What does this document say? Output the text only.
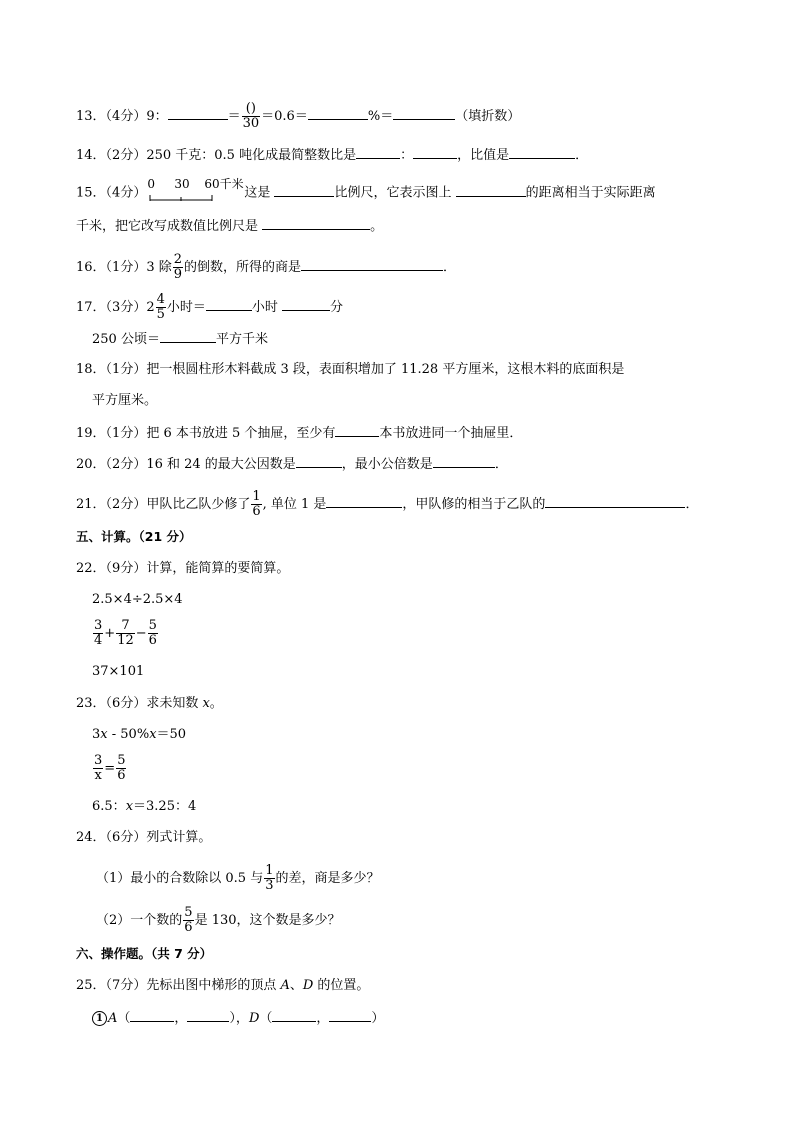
13．（4分）9：	＝ $\frac{()}{30} =0.6=$	%＝	（填折数）
14．（2分）250 千克：0.5 吨化成最简整数比是	：	，比值是	．
15．（4分）
0 30 60千米
这是	比例尺，它表示图上	的距离相当于实际距离
千米，把它改写成数值比例尺是	。
16．（1分）3 除 $\frac{2}{9}$ 的倒数，所得的商是	．
17．（3分）$2 \frac{4}{5}$ 小时＝	小时	分
250 公顷＝	平方千米
18．（1分）把一根圆柱形木料截成 3 段，表面积增加了 11.28 平方厘米，这根木料的底面积是
平方厘米。
19．（1分）把 6 本书放进 5 个抽屉，至少有	本书放进同一个抽屉里．
20．（2分）16 和 24 的最大公因数是	，最小公倍数是	．
21．（2分）甲队比乙队少修了 $\frac{1}{6}$ , 单位 1 是	，甲队修的相当于乙队的	．
五、计算。（21 分）
22．（9分）计算，能简算的要简算。
2.5×4÷2.5×4
$\frac{3}{4} + \frac{7}{12} - \frac{5}{6}$
37×101
23．（6分）求未知数 x。
3x - 50%x＝50
$\frac{3}{x} = \frac{5}{6}$
6.5：x＝3.25：4
24．（6分）列式计算。
（1）最小的合数除以 0.5 与 $\frac{1}{3}$ 的差，商是多少？
（2）一个数的 $\frac{5}{6}$ 是 130，这个数是多少？
六、操作题。（共 7 分）
25．（7分）先标出图中梯形的顶点 A、D 的位置。
1 A（	，	），D（	，	）
